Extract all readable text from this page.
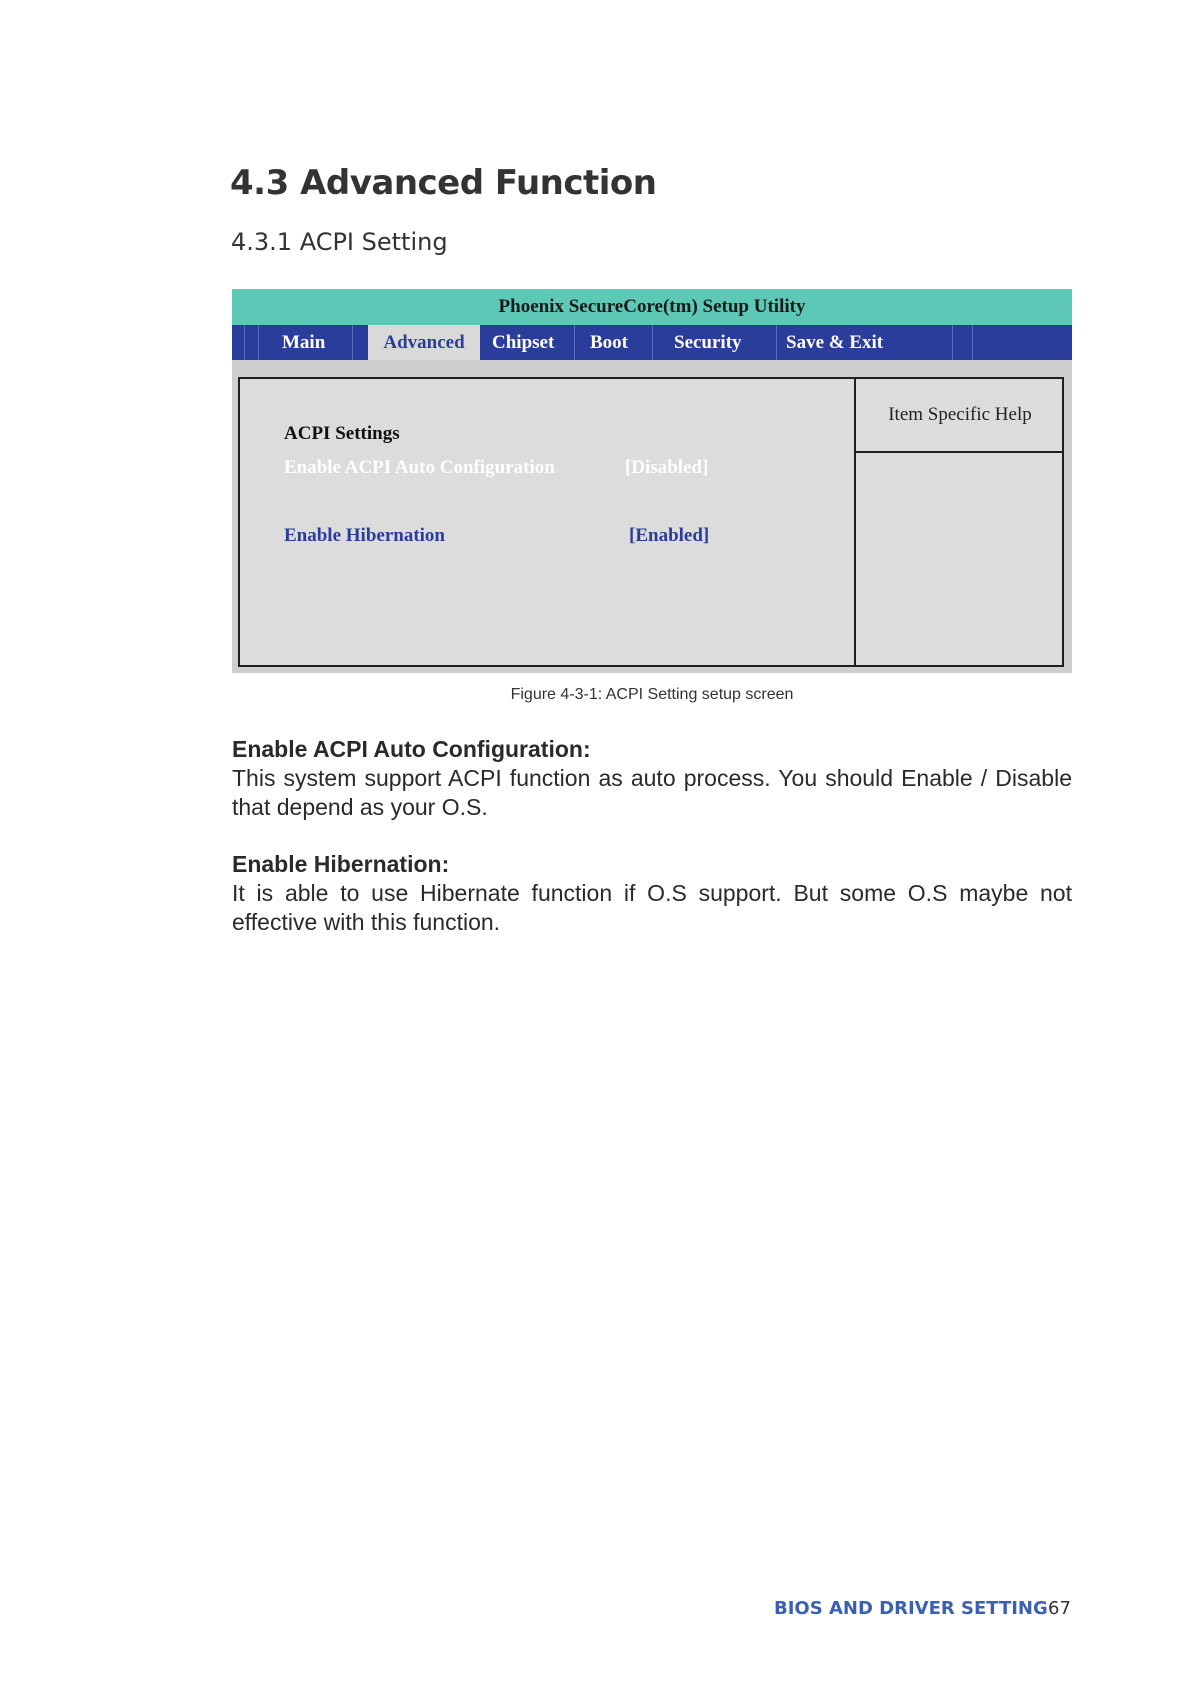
4.3 Advanced Function
4.3.1 ACPI Setting
Phoenix SecureCore(tm) Setup Utility
Main	Advanced	Chipset Boot Security Save & Exit
ACPI Settings
Enable ACPI Auto Configuration	[Disabled]
Enable Hibernation	[Enabled]
Item Specific Help
Figure 4-3-1: ACPI Setting setup screen
Enable ACPI Auto Configuration:
This system support ACPI function as auto process. You should Enable / Disable that depend as your O.S.
Enable Hibernation:
It is able to use Hibernate function if O.S support. But some O.S maybe not effective with this function.
BIOS AND DRIVER SETTING 67
